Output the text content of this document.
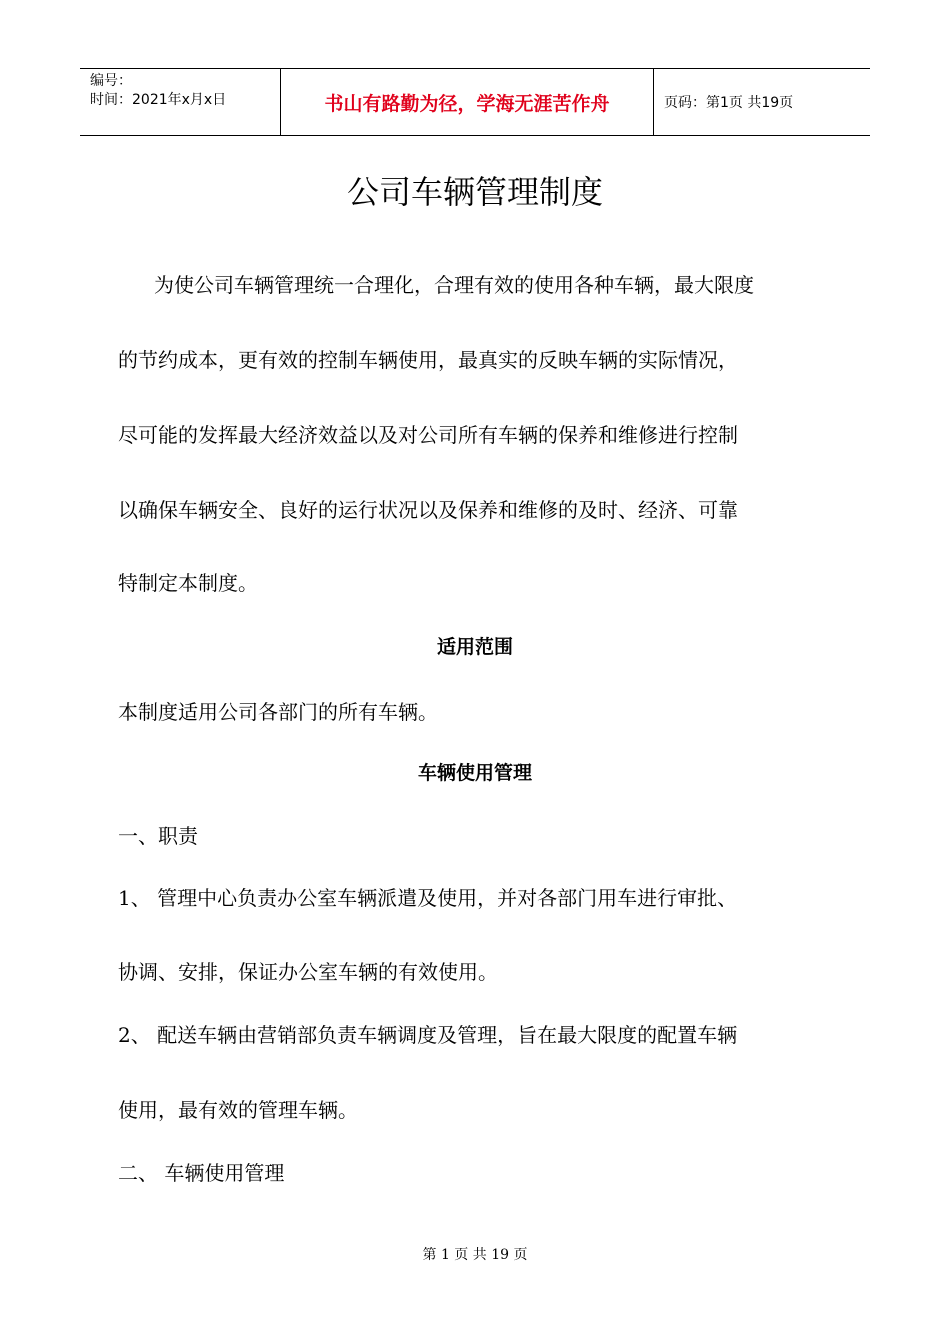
编号：
时间：2021年x月x日	书山有路勤为径，学海无涯苦作舟	页码：第1页 共19页
公司车辆管理制度
为使公司车辆管理统一合理化，合理有效的使用各种车辆，最大限度
的节约成本，更有效的控制车辆使用，最真实的反映车辆的实际情况，
尽可能的发挥最大经济效益以及对公司所有车辆的保养和维修进行控制
以确保车辆安全、良好的运行状况以及保养和维修的及时、经济、可靠
特制定本制度。
适用范围
本制度适用公司各部门的所有车辆。
车辆使用管理
一、职责
1、 管理中心负责办公室车辆派遣及使用，并对各部门用车进行审批、
协调、安排，保证办公室车辆的有效使用。
2、 配送车辆由营销部负责车辆调度及管理，旨在最大限度的配置车辆
使用，最有效的管理车辆。
二、 车辆使用管理
第 1 页 共 19 页
